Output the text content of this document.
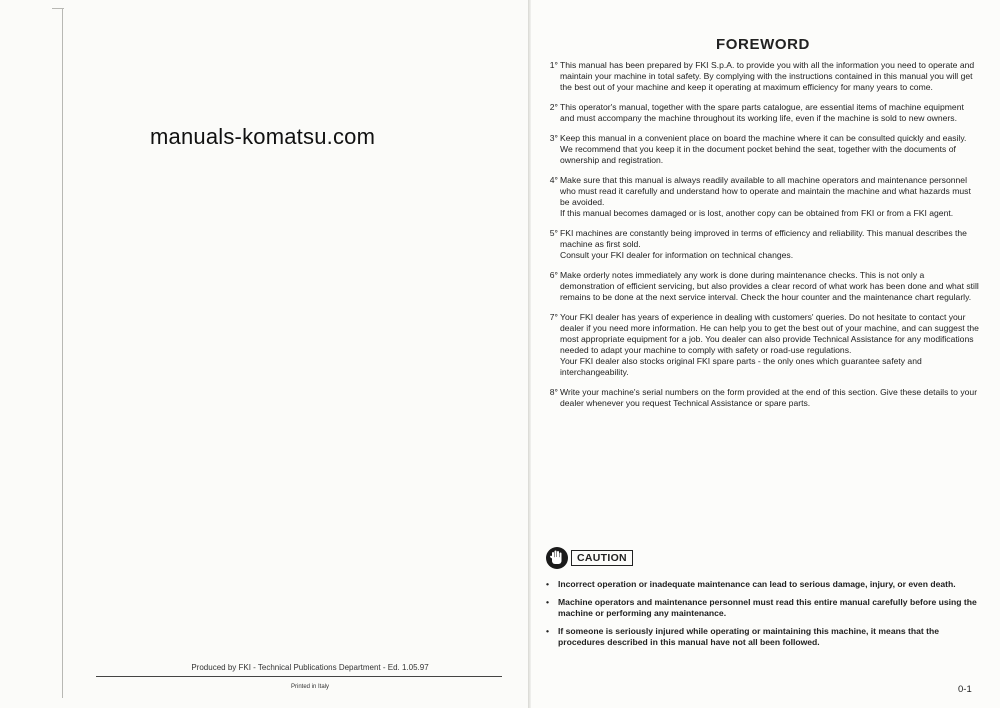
manuals-komatsu.com
Produced by FKI - Technical Publications Department - Ed. 1.05.97
Printed in Italy
FOREWORD
1° This manual has been prepared by FKI S.p.A. to provide you with all the information you need to operate and maintain your machine in total safety. By complying with the instructions contained in this manual you will get the best out of your machine and keep it operating at maximum efficiency for many years to come.

2° This operator's manual, together with the spare parts catalogue, are essential items of machine equipment and must accompany the machine throughout its working life, even if the machine is sold to new owners.

3° Keep this manual in a convenient place on board the machine where it can be consulted quickly and easily. We recommend that you keep it in the document pocket behind the seat, together with the documents of ownership and registration.

4° Make sure that this manual is always readily available to all machine operators and maintenance personnel who must read it carefully and understand how to operate and maintain the machine and what hazards must be avoided.

If this manual becomes damaged or is lost, another copy can be obtained from FKI or from a FKI agent.

5° FKI machines are constantly being improved in terms of efficiency and reliability. This manual describes the machine as first sold.

Consult your FKI dealer for information on technical changes.

6° Make orderly notes immediately any work is done during maintenance checks. This is not only a demonstration of efficient servicing, but also provides a clear record of what work has been done and what still remains to be done at the next service interval. Check the hour counter and the maintenance chart regularly.

7° Your FKI dealer has years of experience in dealing with customers' queries. Do not hesitate to contact your dealer if you need more information. He can help you to get the best out of your machine, and can suggest the most appropriate equipment for a job. You dealer can also provide Technical Assistance for any modifications needed to adapt your machine to comply with safety or road-use regulations.

Your FKI dealer also stocks original FKI spare parts - the only ones which guarantee safety and interchangeability.

8° Write your machine's serial numbers on the form provided at the end of this section. Give these details to your dealer whenever you request Technical Assistance or spare parts.

CAUTION
•	Incorrect operation or inadequate maintenance can lead to serious damage, injury, or even death.
•	Machine operators and maintenance personnel must read this entire manual carefully before using the machine or performing any maintenance.
•	If someone is seriously injured while operating or maintaining this machine, it means that the procedures described in this manual have not all been followed.
0-1
